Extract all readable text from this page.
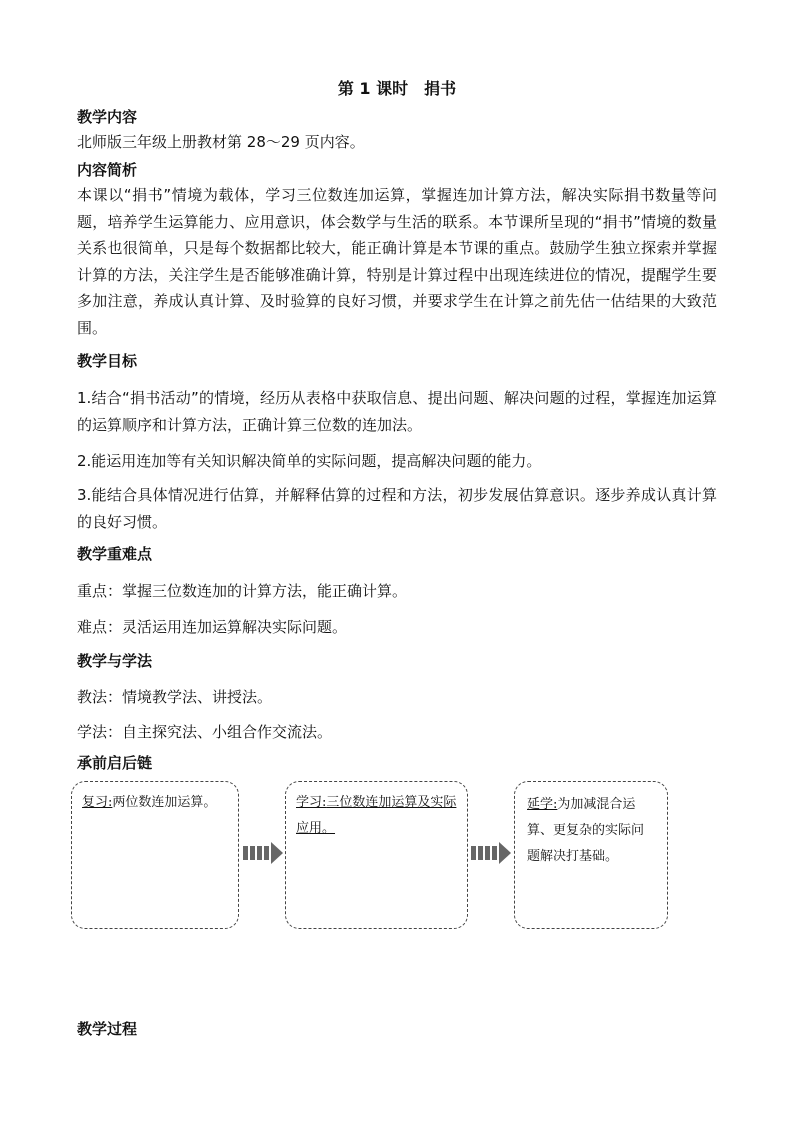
第 1 课时　捐书
教学内容
北师版三年级上册教材第 28～29 页内容。
内容简析
本课以“捐书”情境为载体，学习三位数连加运算，掌握连加计算方法，解决实际捐书数量等问题，培养学生运算能力、应用意识，体会数学与生活的联系。本节课所呈现的“捐书”情境的数量关系也很简单，只是每个数据都比较大，能正确计算是本节课的重点。鼓励学生独立探索并掌握计算的方法，关注学生是否能够准确计算，特别是计算过程中出现连续进位的情况，提醒学生要多加注意，养成认真计算、及时验算的良好习惯，并要求学生在计算之前先估一估结果的大致范围。
教学目标
1.结合“捐书活动”的情境，经历从表格中获取信息、提出问题、解决问题的过程，掌握连加运算的运算顺序和计算方法，正确计算三位数的连加法。
2.能运用连加等有关知识解决简单的实际问题，提高解决问题的能力。
3.能结合具体情况进行估算，并解释估算的过程和方法，初步发展估算意识。逐步养成认真计算的良好习惯。
教学重难点
重点：掌握三位数连加的计算方法，能正确计算。
难点：灵活运用连加运算解决实际问题。
教学与学法
教法：情境教学法、讲授法。
学法：自主探究法、小组合作交流法。
承前启后链
复习:两位数连加运算。	学习:三位数连加运算及实际应用。
延学:为加减混合运算、更复杂的实际问题解决打基础。
教学过程
